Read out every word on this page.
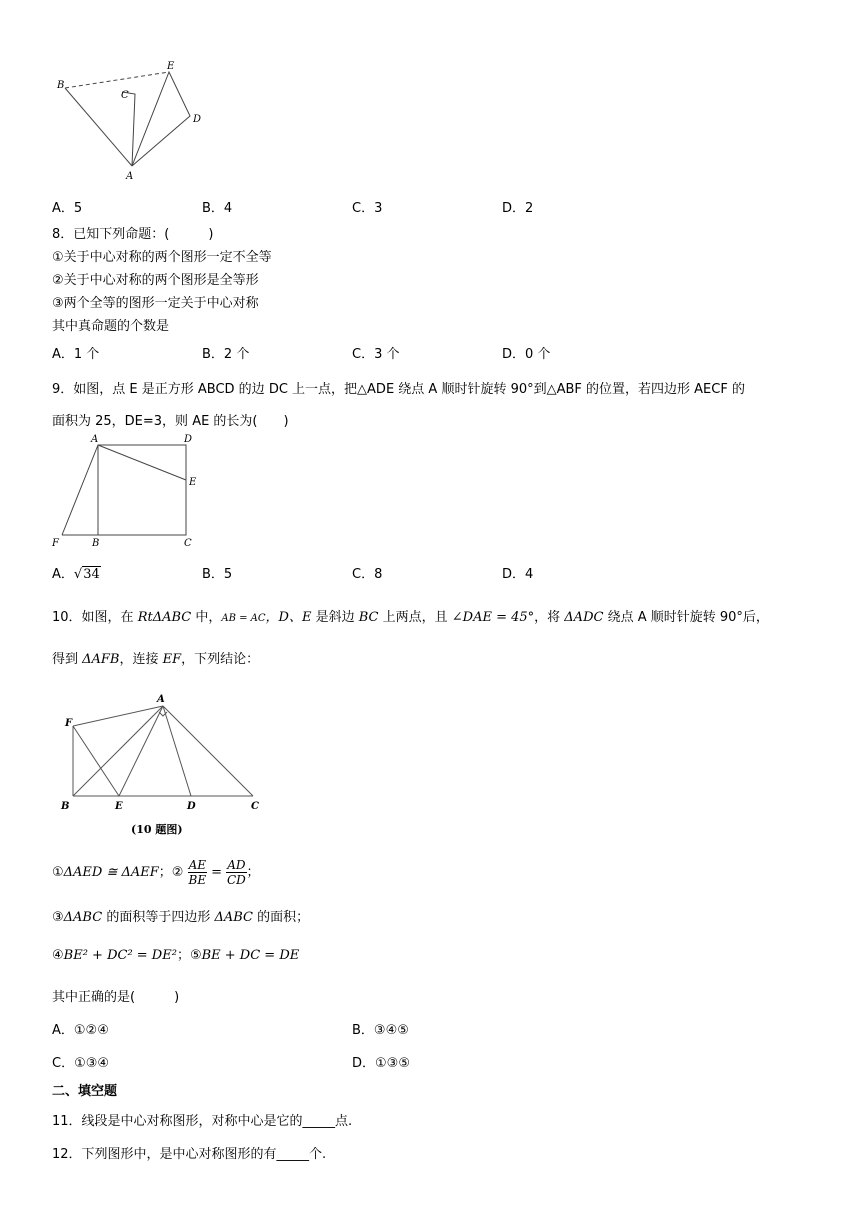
B
C
E
D
A
A．5	B．4	C．3	D．2
8．已知下列命题：(　　　)
①关于中心对称的两个图形一定不全等
②关于中心对称的两个图形是全等形
③两个全等的图形一定关于中心对称
其中真命题的个数是
A．1 个	B．2 个	C．3 个	D．0 个
9．如图，点 E 是正方形 ABCD 的边 DC 上一点，把△ADE 绕点 A 顺时针旋转 90°到△ABF 的位置，若四边形 AECF 的
面积为 25，DE=3，则 AE 的长为(　　)
A	D
E
F	B	C
A．√34	B．5	C．8	D．4
10．如图，在 RtΔABC 中，AB = AC，D、E 是斜边 BC 上两点，且 ∠DAE = 45°，将 ΔADC 绕点 A 顺时针旋转 90°后，
得到 ΔAFB，连接 EF，下列结论：
A
F
B	E	D	C
(10 题图)
①ΔAED ≅ ΔAEF；② $\frac{AE}{BE} = \frac{AD}{CD}$ ；
③ΔABC 的面积等于四边形 ΔABC 的面积；
④BE² + DC² = DE²；⑤BE + DC = DE
其中正确的是(　　　)
A．①②④	B．③④⑤
C．①③④	D．①③⑤
二、填空题
11．线段是中心对称图形，对称中心是它的_____点.
12．下列图形中，是中心对称图形的有_____个.
